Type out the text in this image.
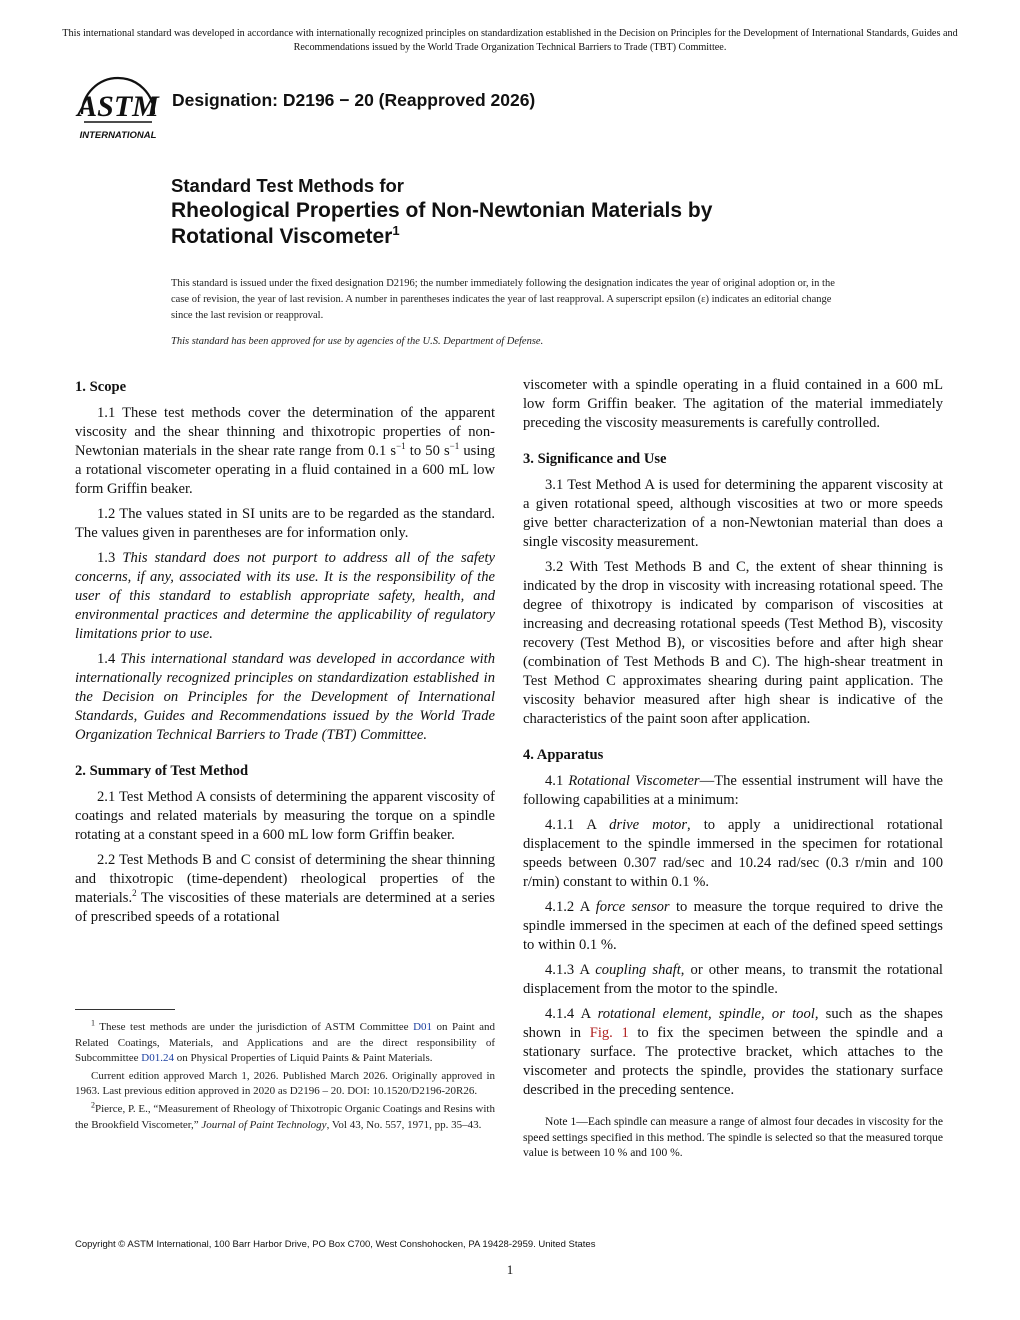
This international standard was developed in accordance with internationally recognized principles on standardization established in the Decision on Principles for the Development of International Standards, Guides and Recommendations issued by the World Trade Organization Technical Barriers to Trade (TBT) Committee.
ASTM
INTERNATIONAL
Designation: D2196 − 20 (Reapproved 2026)
Standard Test Methods for
Rheological Properties of Non-Newtonian Materials by
Rotational Viscometer$^1$

This standard is issued under the fixed designation D2196; the number immediately following the designation indicates the year of original adoption or, in the case of revision, the year of last revision. A number in parentheses indicates the year of last reapproval. A superscript epsilon (ε) indicates an editorial change since the last revision or reapproval.

This standard has been approved for use by agencies of the U.S. Department of Defense.

1. Scope

1.1 These test methods cover the determination of the apparent viscosity and the shear thinning and thixotropic properties of non-Newtonian materials in the shear rate range from 0.1 $s^{-1}$ to 50 $s^{-1}$ using a rotational viscometer operating in a fluid contained in a 600 mL low form Griffin beaker.

1.2 The values stated in SI units are to be regarded as the standard. The values given in parentheses are for information only.

1.3 This standard does not purport to address all of the safety concerns, if any, associated with its use. It is the responsibility of the user of this standard to establish appropriate safety, health, and environmental practices and determine the applicability of regulatory limitations prior to use.

1.4 This international standard was developed in accordance with internationally recognized principles on standardization established in the Decision on Principles for the Development of International Standards, Guides and Recommendations issued by the World Trade Organization Technical Barriers to Trade (TBT) Committee.

2. Summary of Test Method

2.1 Test Method A consists of determining the apparent viscosity of coatings and related materials by measuring the torque on a spindle rotating at a constant speed in a 600 mL low form Griffin beaker.

2.2 Test Methods B and C consist of determining the shear thinning and thixotropic (time-dependent) rheological properties of the materials.$^2$ The viscosities of these materials are determined at a series of prescribed speeds of a rotational

$^1$ These test methods are under the jurisdiction of ASTM Committee D01 on Paint and Related Coatings, Materials, and Applications and are the direct responsibility of Subcommittee D01.24 on Physical Properties of Liquid Paints & Paint Materials.

Current edition approved March 1, 2026. Published March 2026. Originally approved in 1963. Last previous edition approved in 2020 as D2196 – 20. DOI: 10.1520/D2196-20R26.

$^2$Pierce, P. E., “Measurement of Rheology of Thixotropic Organic Coatings and Resins with the Brookfield Viscometer,” Journal of Paint Technology, Vol 43, No. 557, 1971, pp. 35–43.

viscometer with a spindle operating in a fluid contained in a 600 mL low form Griffin beaker. The agitation of the material immediately preceding the viscosity measurements is carefully controlled.

3. Significance and Use

3.1 Test Method A is used for determining the apparent viscosity at a given rotational speed, although viscosities at two or more speeds give better characterization of a non-Newtonian material than does a single viscosity measurement.

3.2 With Test Methods B and C, the extent of shear thinning is indicated by the drop in viscosity with increasing rotational speed. The degree of thixotropy is indicated by comparison of viscosities at increasing and decreasing rotational speeds (Test Method B), viscosity recovery (Test Method B), or viscosities before and after high shear (combination of Test Methods B and C). The high-shear treatment in Test Method C approximates shearing during paint application. The viscosity behavior measured after high shear is indicative of the characteristics of the paint soon after application.

4. Apparatus

4.1 Rotational Viscometer—The essential instrument will have the following capabilities at a minimum:

4.1.1 A drive motor, to apply a unidirectional rotational displacement to the spindle immersed in the specimen for rotational speeds between 0.307 rad/sec and 10.24 rad/sec (0.3 r/min and 100 r/min) constant to within 0.1 %.

4.1.2 A force sensor to measure the torque required to drive the spindle immersed in the specimen at each of the defined speed settings to within 0.1 %.

4.1.3 A coupling shaft, or other means, to transmit the rotational displacement from the motor to the spindle.

4.1.4 A rotational element, spindle, or tool, such as the shapes shown in Fig. 1 to fix the specimen between the spindle and a stationary surface. The protective bracket, which attaches to the viscometer and protects the spindle, provides the stationary surface described in the preceding sentence.

Note 1—Each spindle can measure a range of almost four decades in viscosity for the speed settings specified in this method. The spindle is selected so that the measured torque value is between 10 % and 100 %.
Copyright © ASTM International, 100 Barr Harbor Drive, PO Box C700, West Conshohocken, PA 19428-2959. United States
1
